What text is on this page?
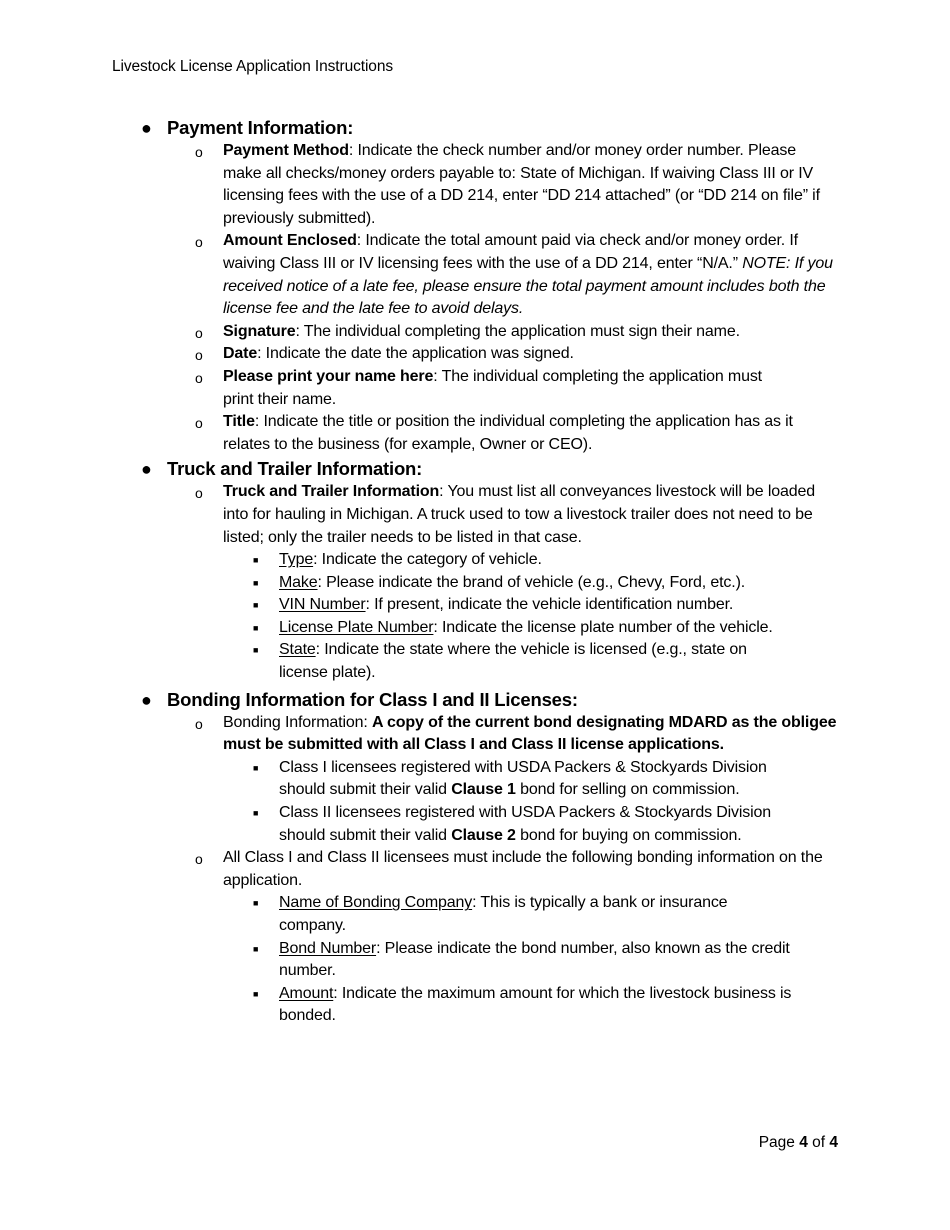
Livestock License Application Instructions
● Payment Information:
o Payment Method: Indicate the check number and/or money order number. Please make all checks/money orders payable to: State of Michigan. If waiving Class III or IV licensing fees with the use of a DD 214, enter “DD 214 attached” (or “DD 214 on file” if previously submitted).
o Amount Enclosed: Indicate the total amount paid via check and/or money order. If waiving Class III or IV licensing fees with the use of a DD 214, enter “N/A.” NOTE: If you received notice of a late fee, please ensure the total payment amount includes both the license fee and the late fee to avoid delays.
o Signature: The individual completing the application must sign their name.
o Date: Indicate the date the application was signed.
o Please print your name here: The individual completing the application must print their name.
o Title: Indicate the title or position the individual completing the application has as it relates to the business (for example, Owner or CEO).
● Truck and Trailer Information:
o Truck and Trailer Information: You must list all conveyances livestock will be loaded into for hauling in Michigan. A truck used to tow a livestock trailer does not need to be listed; only the trailer needs to be listed in that case.
■ Type: Indicate the category of vehicle.
■ Make: Please indicate the brand of vehicle (e.g., Chevy, Ford, etc.).
■ VIN Number: If present, indicate the vehicle identification number.
■ License Plate Number: Indicate the license plate number of the vehicle.
■ State: Indicate the state where the vehicle is licensed (e.g., state on license plate).
● Bonding Information for Class I and II Licenses:
o Bonding Information: A copy of the current bond designating MDARD as the obligee must be submitted with all Class I and Class II license applications.
■ Class I licensees registered with USDA Packers & Stockyards Division should submit their valid Clause 1 bond for selling on commission.
■ Class II licensees registered with USDA Packers & Stockyards Division should submit their valid Clause 2 bond for buying on commission.
o All Class I and Class II licensees must include the following bonding information on the application.
■ Name of Bonding Company: This is typically a bank or insurance company.
■ Bond Number: Please indicate the bond number, also known as the credit number.
■ Amount: Indicate the maximum amount for which the livestock business is bonded.
Page 4 of 4
